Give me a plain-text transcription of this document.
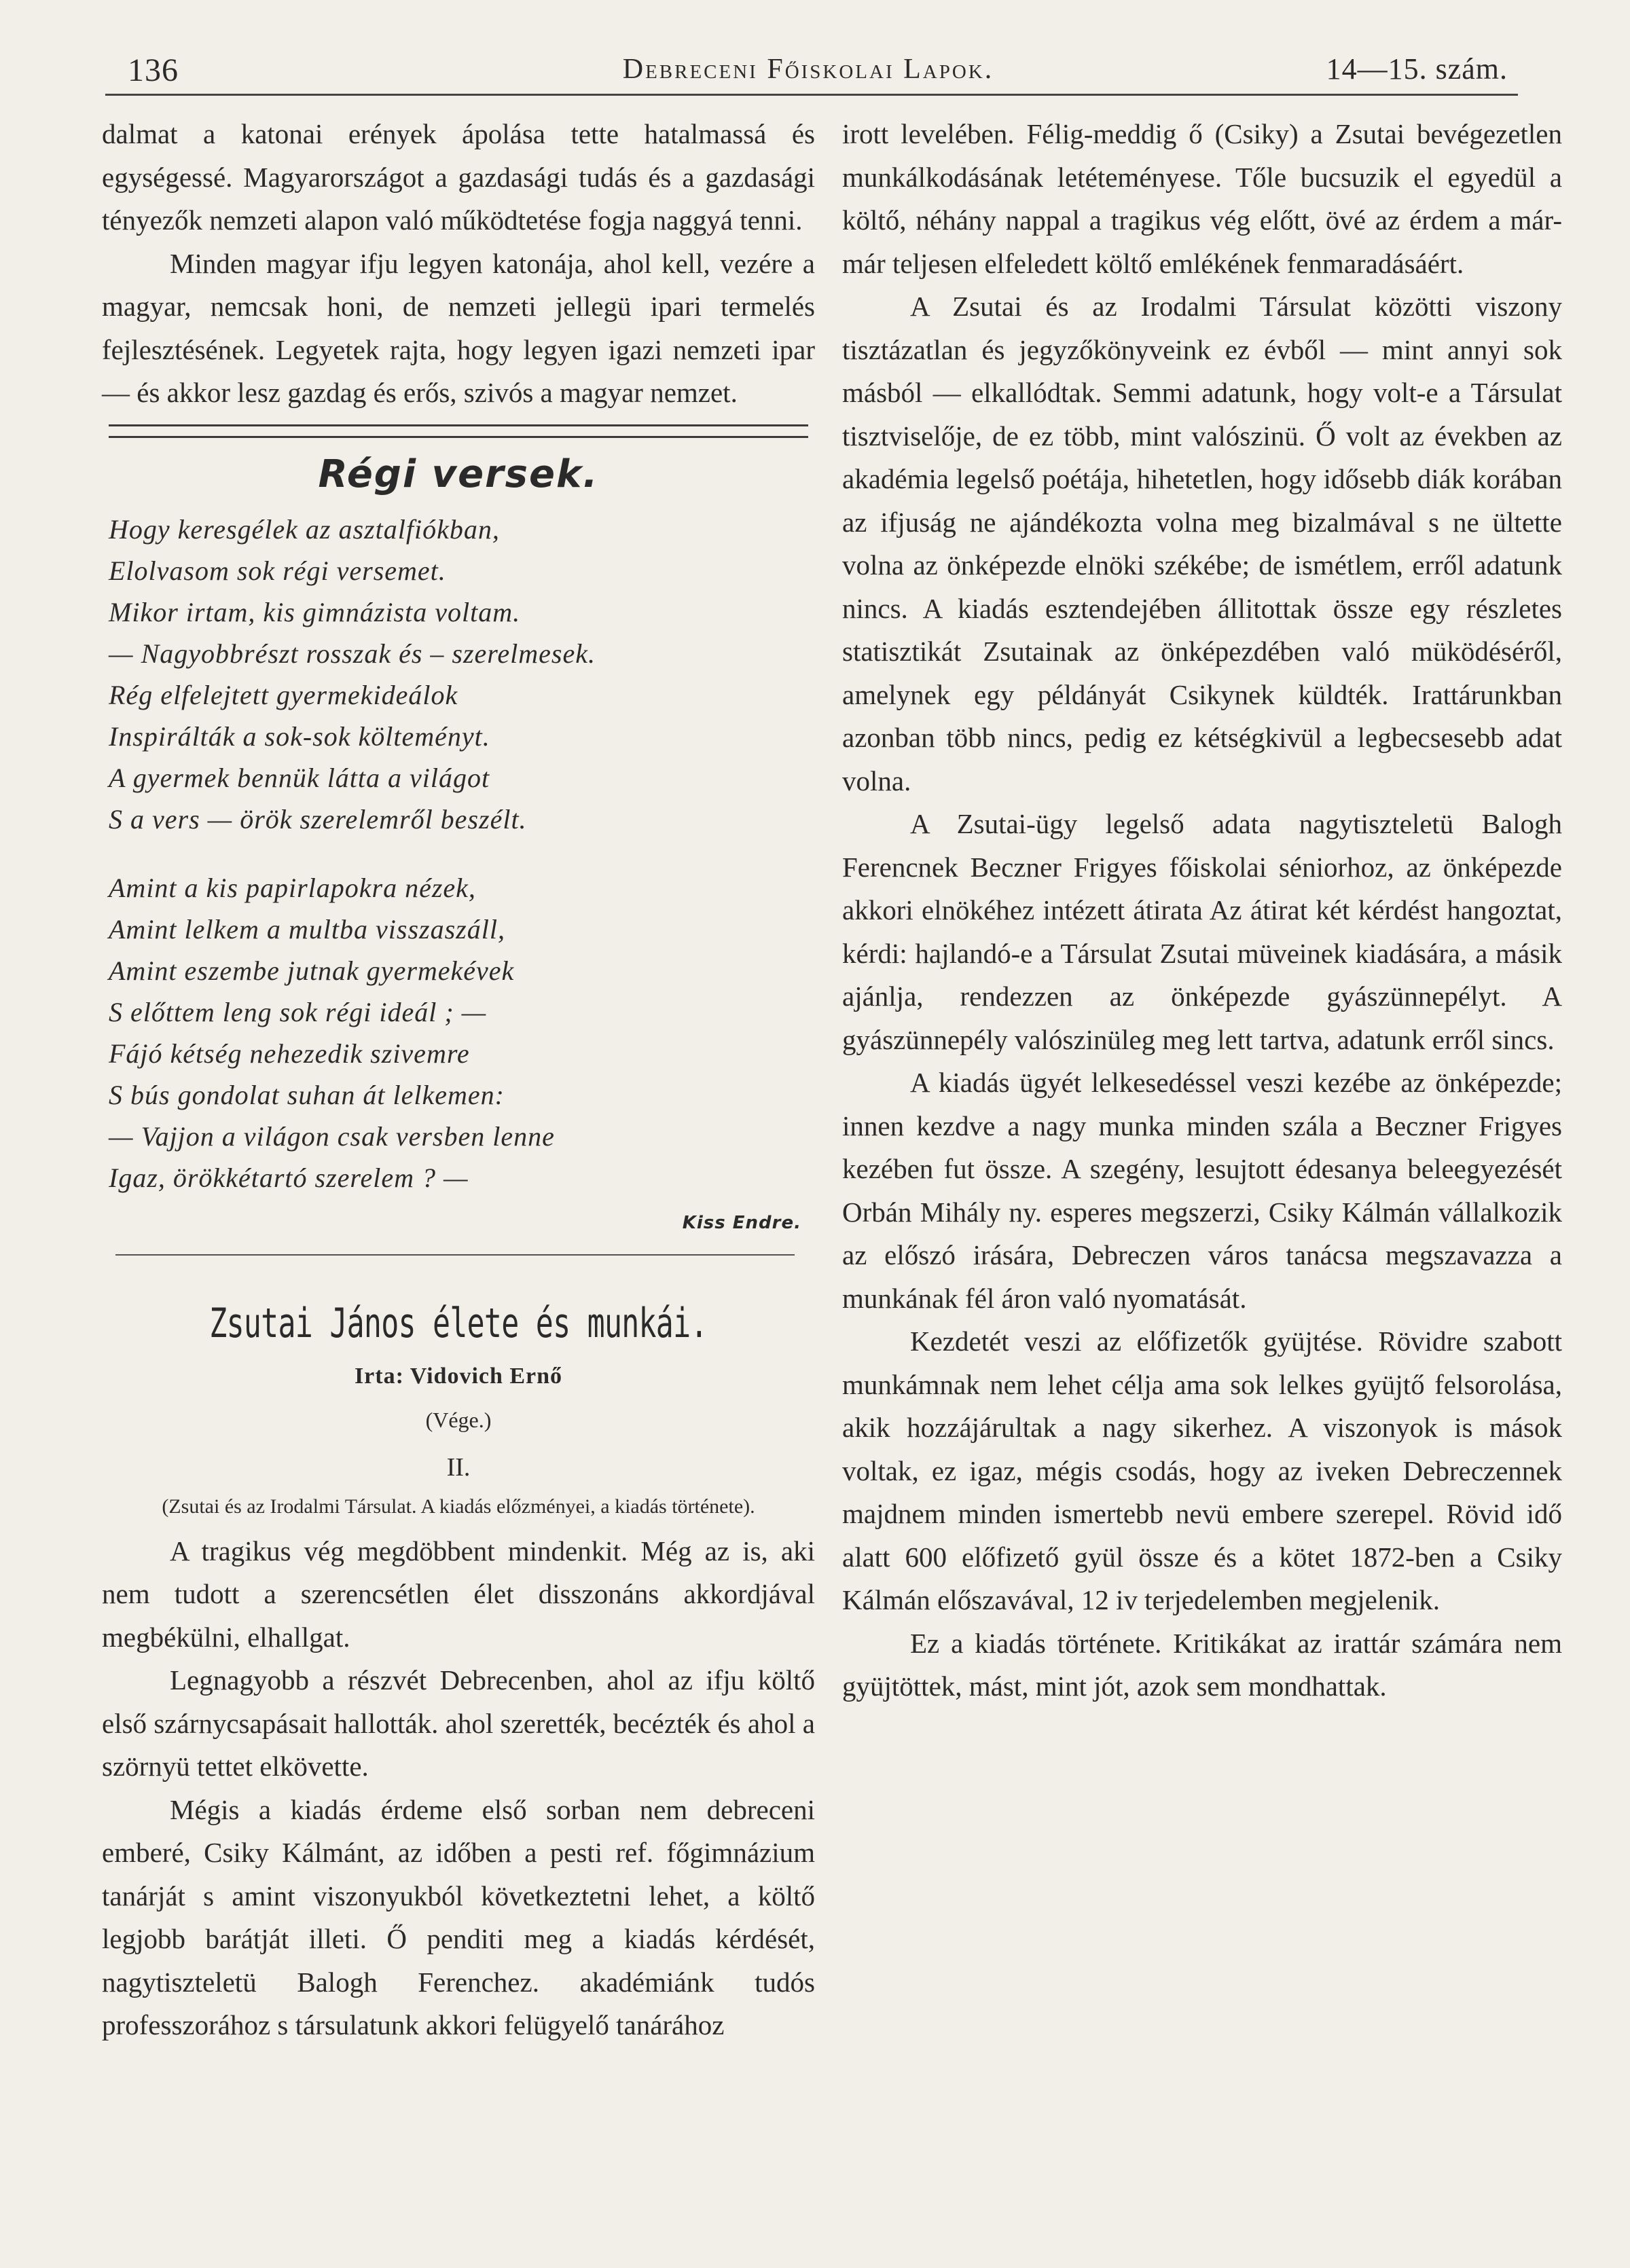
136	Debreceni Főiskolai Lapok.	14—15. szám.

dalmat a katonai erények ápolása tette hatalmassá és egységessé. Magyarországot a gazdasági tudás és a gazdasági tényezők nemzeti alapon való működtetése fogja naggyá tenni.

Minden magyar ifju legyen katonája, ahol kell, vezére a magyar, nemcsak honi, de nemzeti jellegü ipari termelés fejlesztésének. Legyetek rajta, hogy legyen igazi nemzeti ipar — és akkor lesz gazdag és erős, szivós a magyar nemzet.

Régi versek.
Hogy keresgélek az asztalfiókban,
Elolvasom sok régi versemet.
Mikor irtam, kis gimnázista voltam.
— Nagyobbrészt rosszak és – szerelmesek.
Rég elfelejtett gyermekideálok
Inspirálták a sok-sok költeményt.
A gyermek bennük látta a világot
S a vers — örök szerelemről beszélt.
Amint a kis papirlapokra nézek,
Amint lelkem a multba visszaszáll,
Amint eszembe jutnak gyermekévek
S előttem leng sok régi ideál ; —
Fájó kétség nehezedik szivemre
S bús gondolat suhan át lelkemen:
— Vajjon a világon csak versben lenne
Igaz, örökkétartó szerelem ? —
Kiss Endre.
Zsutai János élete és munkái.
Irta: Vidovich Ernő
(Vége.)
II.
(Zsutai és az Irodalmi Társulat. A kiadás előzményei, a kiadás története).

A tragikus vég megdöbbent mindenkit. Még az is, aki nem tudott a szerencsétlen élet disszonáns akkordjával megbékülni, elhallgat.

Legnagyobb a részvét Debrecenben, ahol az ifju költő első szárnycsapásait hallották. ahol szerették, becézték és ahol a szörnyü tettet elkövette.

Mégis a kiadás érdeme első sorban nem debreceni emberé, Csiky Kálmánt, az időben a pesti ref. főgimnázium tanárját s amint viszonyukból következtetni lehet, a költő legjobb barátját illeti. Ő penditi meg a kiadás kérdését, nagytiszteletü Balogh Ferenchez. akadémiánk tudós professzorához s társulatunk akkori felügyelő tanárához

irott levelében. Félig-meddig ő (Csiky) a Zsutai bevégezetlen munkálkodásának letéteményese. Tőle bucsuzik el egyedül a költő, néhány nappal a tragikus vég előtt, övé az érdem a már-már teljesen elfeledett költő emlékének fenmaradásáért.

A Zsutai és az Irodalmi Társulat közötti viszony tisztázatlan és jegyzőkönyveink ez évből — mint annyi sok másból — elkallódtak. Semmi adatunk, hogy volt-e a Társulat tisztviselője, de ez több, mint valószinü. Ő volt az években az akadémia legelső poétája, hihetetlen, hogy idősebb diák korában az ifjuság ne ajándékozta volna meg bizalmával s ne ültette volna az önképezde elnöki székébe; de ismétlem, erről adatunk nincs. A kiadás esztendejében állitottak össze egy részletes statisztikát Zsutainak az önképezdében való müködéséről, amelynek egy példányát Csikynek küldték. Irattárunkban azonban több nincs, pedig ez kétségkivül a legbecsesebb adat volna.

A Zsutai-ügy legelső adata nagytiszteletü Balogh Ferencnek Beczner Frigyes főiskolai séniorhoz, az önképezde akkori elnökéhez intézett átirata Az átirat két kérdést hangoztat, kérdi: hajlandó-e a Társulat Zsutai müveinek kiadására, a másik ajánlja, rendezzen az önképezde gyászünnepélyt. A gyászünnepély valószinüleg meg lett tartva, adatunk erről sincs.

A kiadás ügyét lelkesedéssel veszi kezébe az önképezde; innen kezdve a nagy munka minden szála a Beczner Frigyes kezében fut össze. A szegény, lesujtott édesanya beleegyezését Orbán Mihály ny. esperes megszerzi, Csiky Kálmán vállalkozik az előszó irására, Debreczen város tanácsa megszavazza a munkának fél áron való nyomatását.

Kezdetét veszi az előfizetők gyüjtése. Rövidre szabott munkámnak nem lehet célja ama sok lelkes gyüjtő felsorolása, akik hozzájárultak a nagy sikerhez. A viszonyok is mások voltak, ez igaz, mégis csodás, hogy az iveken Debreczennek majdnem minden ismertebb nevü embere szerepel. Rövid idő alatt 600 előfizető gyül össze és a kötet 1872-ben a Csiky Kálmán előszavával, 12 iv terjedelemben megjelenik.

Ez a kiadás története. Kritikákat az irattár számára nem gyüjtöttek, mást, mint jót, azok sem mondhattak.
